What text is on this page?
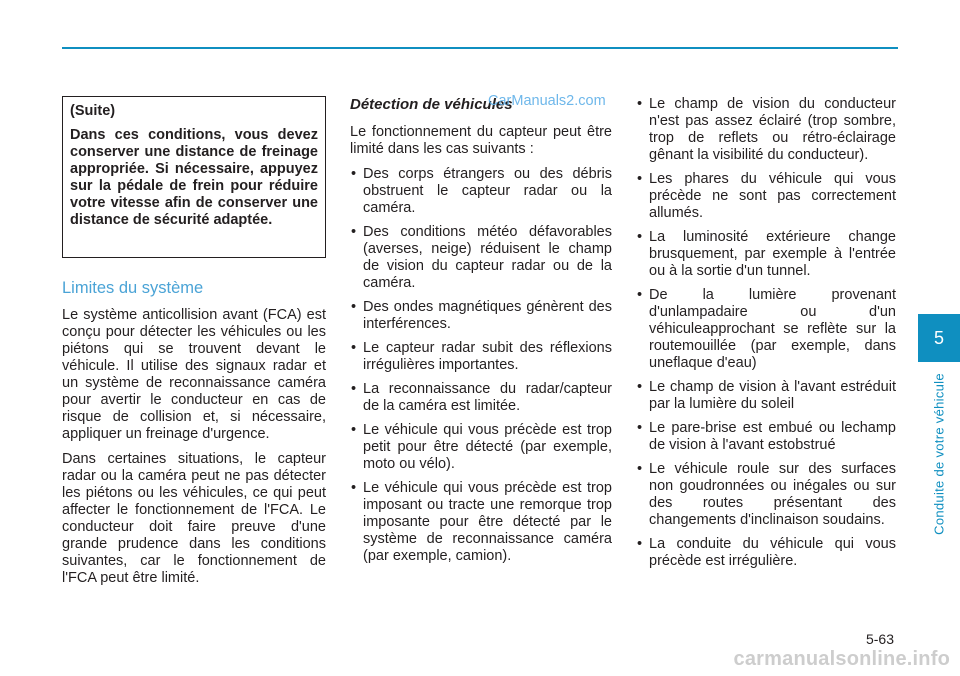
(Suite)

Dans ces conditions, vous devez conserver une distance de freinage appropriée. Si nécessaire, appuyez sur la pédale de frein pour réduire votre vitesse afin de conserver une distance de sécurité adaptée.

Limites du système

Le système anticollision avant (FCA) est conçu pour détecter les véhicules ou les piétons qui se trouvent devant le véhicule. Il utilise des signaux radar et un système de reconnaissance caméra pour avertir le conducteur en cas de risque de collision et, si nécessaire, appliquer un freinage d'urgence.

Dans certaines situations, le capteur radar ou la caméra peut ne pas détecter les piétons ou les véhicules, ce qui peut affecter le fonctionnement de l'FCA. Le conducteur doit faire preuve d'une grande prudence dans les conditions suivantes, car le fonctionnement de l'FCA peut être limité.

Détection de véhicules

Le fonctionnement du capteur peut être limité dans les cas suivants :

• Des corps étrangers ou des débris obstruent le capteur radar ou la caméra.
• Des conditions météo défavorables (averses, neige) réduisent le champ de vision du capteur radar ou de la caméra.
• Des ondes magnétiques génèrent des interférences.
• Le capteur radar subit des réflexions irrégulières importantes.
• La reconnaissance du radar/capteur de la caméra est limitée.
• Le véhicule qui vous précède est trop petit pour être détecté (par exemple, moto ou vélo).
• Le véhicule qui vous précède est trop imposant ou tracte une remorque trop imposante pour être détecté par le système de reconnaissance caméra (par exemple, camion).
• Le champ de vision du conducteur n'est pas assez éclairé (trop sombre, trop de reflets ou rétro-éclairage gênant la visibilité du conducteur).
• Les phares du véhicule qui vous précède ne sont pas correctement allumés.
• La luminosité extérieure change brusquement, par exemple à l'entrée ou à la sortie d'un tunnel.
• De la lumière provenant d'unlampadaire ou d'un véhiculeapprochant se reflète sur la routemouillée (par exemple, dans uneflaque d'eau)
• Le champ de vision à l'avant estréduit par la lumière du soleil
• Le pare-brise est embué ou lechamp de vision à l'avant estobstrué
• Le véhicule roule sur des surfaces non goudronnées ou inégales ou sur des routes présentant des changements d'inclinaison soudains.
• La conduite du véhicule qui vous précède est irrégulière.
CarManuals2.com
5
Conduite de votre véhicule
5-63
carmanualsonline.info
